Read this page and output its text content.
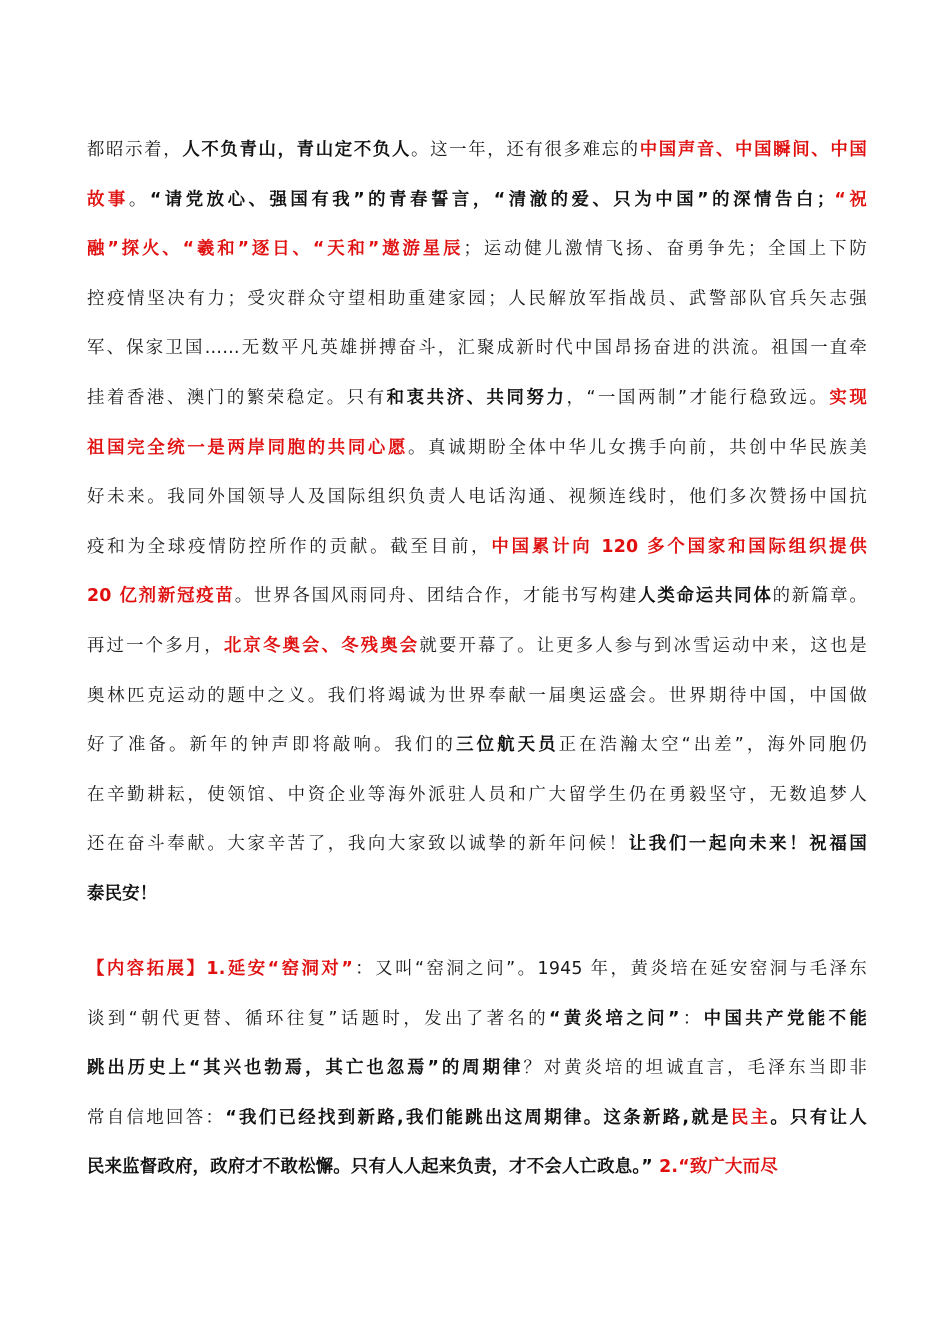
都昭示着，人不负青山，青山定不负人。这一年，还有很多难忘的中国声音、中国瞬间、中国
故事。“请党放心、强国有我”的青春誓言，“清澈的爱、只为中国”的深情告白；“祝
融”探火、“羲和”逐日、“天和”遨游星辰；运动健儿激情飞扬、奋勇争先；全国上下防
控疫情坚决有力；受灾群众守望相助重建家园；人民解放军指战员、武警部队官兵矢志强
军、保家卫国……无数平凡英雄拼搏奋斗，汇聚成新时代中国昂扬奋进的洪流。祖国一直牵
挂着香港、澳门的繁荣稳定。只有和衷共济、共同努力，“一国两制”才能行稳致远。实现
祖国完全统一是两岸同胞的共同心愿。真诚期盼全体中华儿女携手向前，共创中华民族美
好未来。我同外国领导人及国际组织负责人电话沟通、视频连线时，他们多次赞扬中国抗
疫和为全球疫情防控所作的贡献。截至目前，中国累计向 120 多个国家和国际组织提供
20 亿剂新冠疫苗。世界各国风雨同舟、团结合作，才能书写构建人类命运共同体的新篇章。
再过一个多月，北京冬奥会、冬残奥会就要开幕了。让更多人参与到冰雪运动中来，这也是
奥林匹克运动的题中之义。我们将竭诚为世界奉献一届奥运盛会。世界期待中国，中国做
好了准备。新年的钟声即将敲响。我们的三位航天员正在浩瀚太空“出差”，海外同胞仍
在辛勤耕耘，使领馆、中资企业等海外派驻人员和广大留学生仍在勇毅坚守，无数追梦人
还在奋斗奉献。大家辛苦了，我向大家致以诚挚的新年问候！让我们一起向未来！祝福国
泰民安！
【内容拓展】1.延安“窑洞对”：又叫“窑洞之问”。1945 年，黄炎培在延安窑洞与毛泽东
谈到“朝代更替、循环往复”话题时，发出了著名的“黄炎培之问”：中国共产党能不能
跳出历史上“其兴也勃焉，其亡也忽焉”的周期律？对黄炎培的坦诚直言，毛泽东当即非
常自信地回答：“我们已经找到新路,我们能跳出这周期律。这条新路,就是民主。只有让人
民来监督政府，政府才不敢松懈。只有人人起来负责，才不会人亡政息。” 2.“致广大而尽
